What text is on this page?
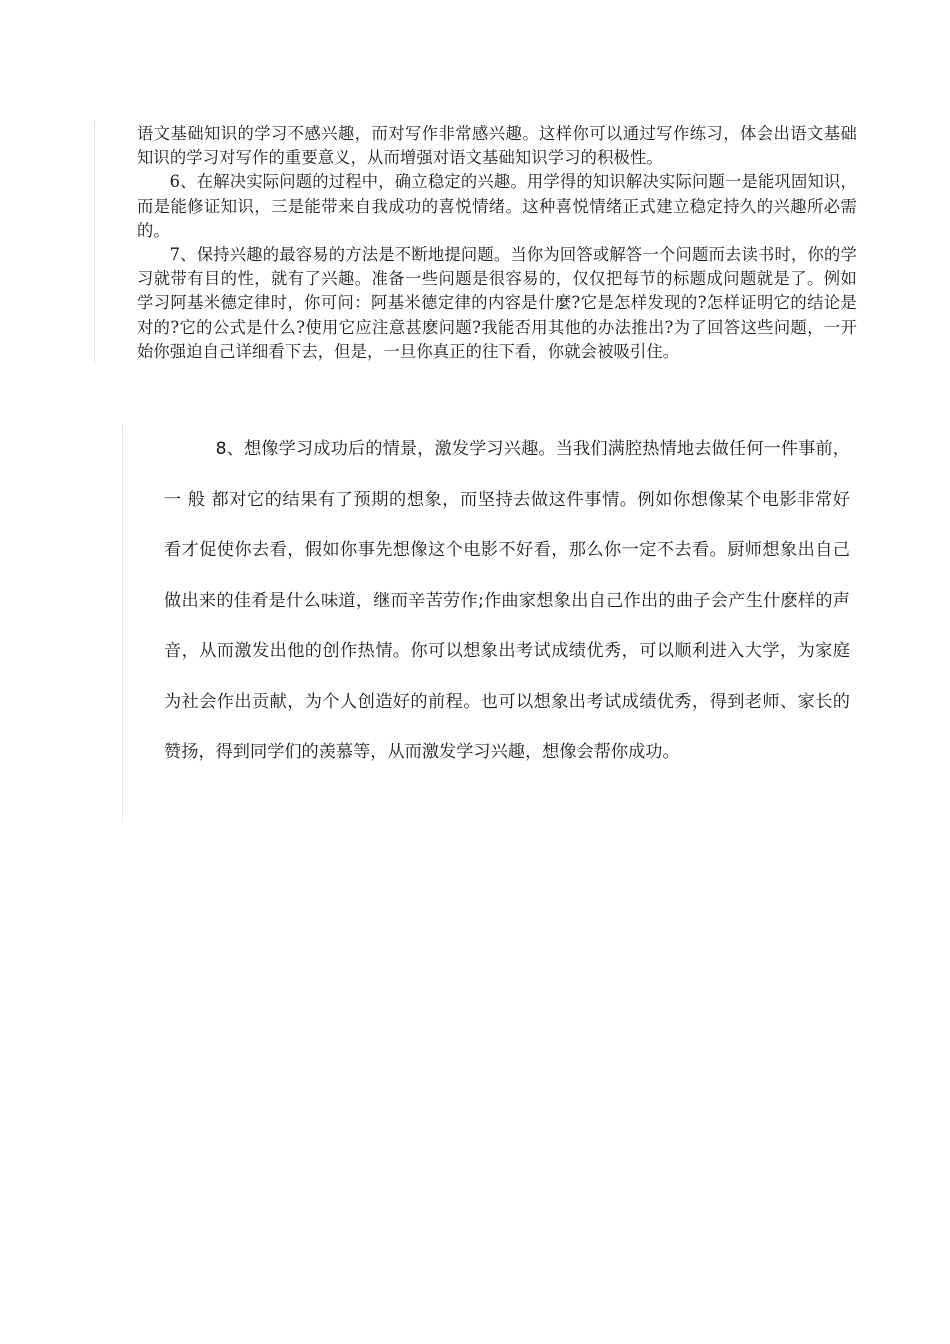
语文基础知识的学习不感兴趣，而对写作非常感兴趣。这样你可以通过写作练习，体会出语文基础知识的学习对写作的重要意义，从而增强对语文基础知识学习的积极性。

6、在解决实际问题的过程中，确立稳定的兴趣。用学得的知识解决实际问题一是能巩固知识，而是能修证知识，三是能带来自我成功的喜悦情绪。这种喜悦情绪正式建立稳定持久的兴趣所必需的。

7、保持兴趣的最容易的方法是不断地提问题。当你为回答或解答一个问题而去读书时，你的学习就带有目的性，就有了兴趣。准备一些问题是很容易的，仅仅把每节的标题成问题就是了。例如学习阿基米德定律时，你可问：阿基米德定律的内容是什麼?它是怎样发现的?怎样证明它的结论是对的?它的公式是什么?使用它应注意甚麽问题?我能否用其他的办法推出?为了回答这些问题，一开始你强迫自己详细看下去，但是，一旦你真正的往下看，你就会被吸引住。

8、想像学习成功后的情景，激发学习兴趣。当我们满腔热情地去做任何一件事前， 一 般 都对它的结果有了预期的想象，而坚持去做这件事情。例如你想像某个电影非常好 看才促使你去看，假如你事先想像这个电影不好看，那么你一定不去看。厨师想象出自己做出来的佳肴是什么味道，继而辛苦劳作;作曲家想象出自己作出的曲子会产生什麽样的声音，从而激发出他的创作热情。你可以想象出考试成绩优秀，可以顺利进入大学，为家庭为社会作出贡献，为个人创造好的前程。也可以想象出考试成绩优秀，得到老师、家长的赞扬，得到同学们的羡慕等，从而激发学习兴趣，想像会帮你成功。
